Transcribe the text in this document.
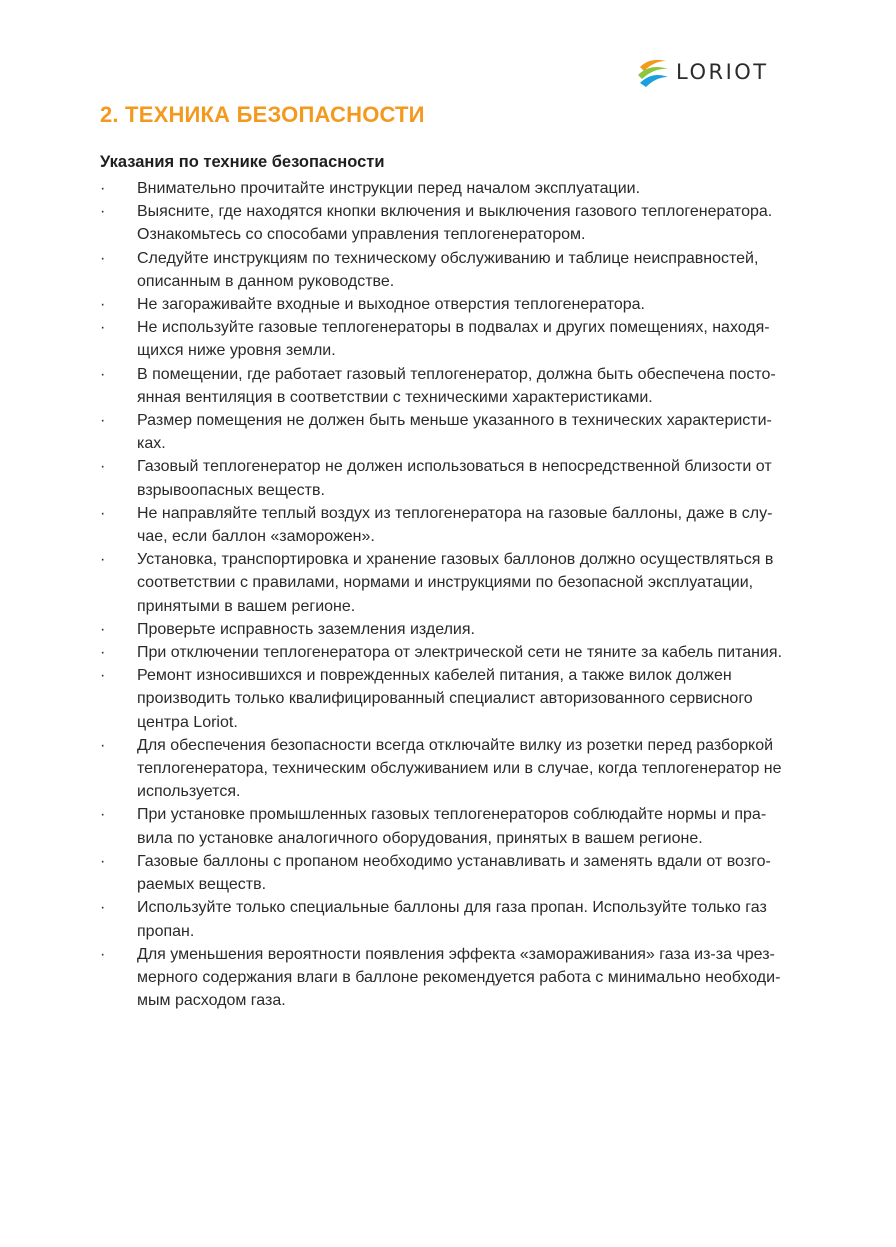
LORIOT
2. ТЕХНИКА БЕЗОПАСНОСТИ
Указания по технике безопасности
· Внимательно прочитайте инструкции перед началом эксплуатации.
· Выясните, где находятся кнопки включения и выключения газового теплогенератора. Ознакомьтесь со способами управления теплогенератором.
· Следуйте инструкциям по техническому обслуживанию и таблице неисправностей, описанным в данном руководстве.
· Не загораживайте входные и выходное отверстия теплогенератора.
· Не используйте газовые теплогенераторы в подвалах и других помещениях, находя-щихся ниже уровня земли.
· В помещении, где работает газовый теплогенератор, должна быть обеспечена посто-янная вентиляция в соответствии с техническими характеристиками.
· Размер помещения не должен быть меньше указанного в технических характеристи-ках.
· Газовый теплогенератор не должен использоваться в непосредственной близости от взрывоопасных веществ.
· Не направляйте теплый воздух из теплогенератора на газовые баллоны, даже в слу-чае, если баллон «заморожен».
· Установка, транспортировка и хранение газовых баллонов должно осуществляться в соответствии с правилами, нормами и инструкциями по безопасной эксплуатации, принятыми в вашем регионе.
· Проверьте исправность заземления изделия.
· При отключении теплогенератора от электрической сети не тяните за кабель питания.
· Ремонт износившихся и поврежденных кабелей питания, а также вилок должен производить только квалифицированный специалист авторизованного сервисного центра Loriot.
· Для обеспечения безопасности всегда отключайте вилку из розетки перед разборкой теплогенератора, техническим обслуживанием или в случае, когда теплогенератор не используется.
· При установке промышленных газовых теплогенераторов соблюдайте нормы и пра-вила по установке аналогичного оборудования, принятых в вашем регионе.
· Газовые баллоны с пропаном необходимо устанавливать и заменять вдали от возго-раемых веществ.
· Используйте только специальные баллоны для газа пропан. Используйте только газ пропан.
· Для уменьшения вероятности появления эффекта «замораживания» газа из-за чрез-мерного содержания влаги в баллоне рекомендуется работа с минимально необходи-мым расходом газа.
